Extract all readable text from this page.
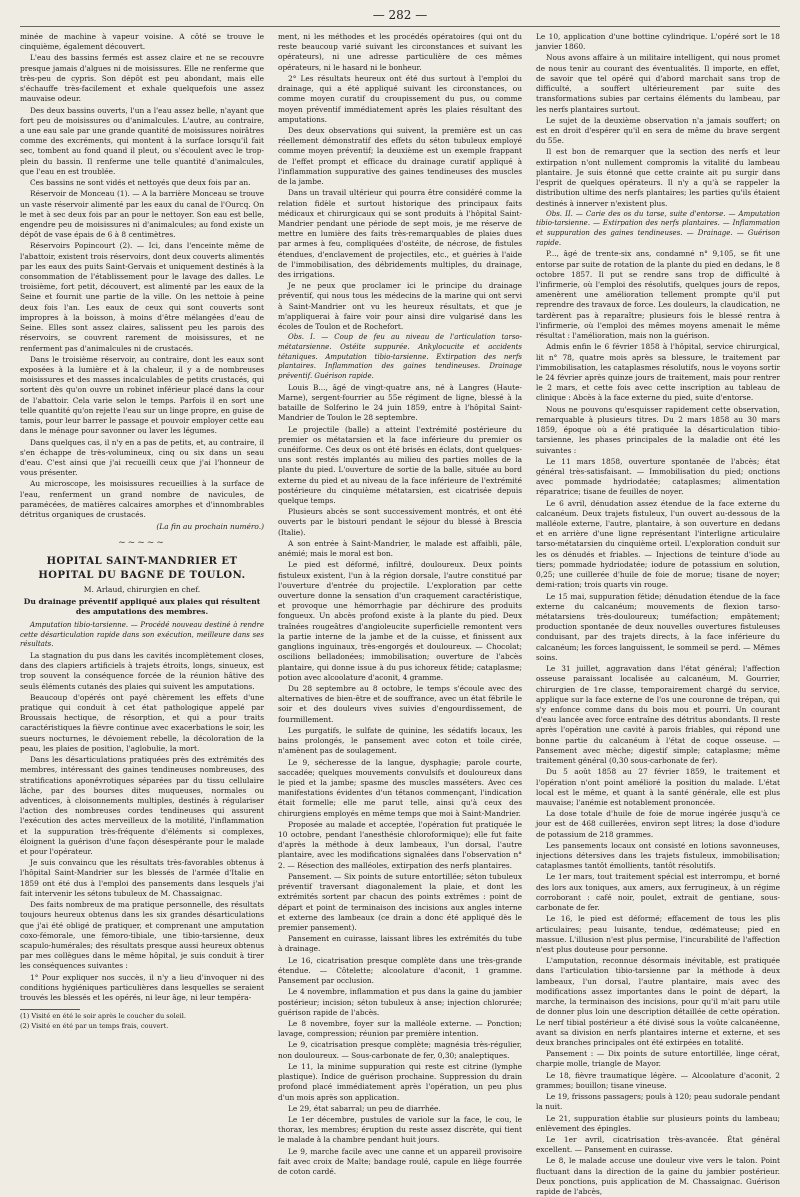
— 282 —

minée de machine à vapeur voisine. A côté se trouve le cinquième, également découvert.

L'eau des bassins fermés est assez claire et ne se recouvre presque jamais d'algues ni de moisissures. Elle ne renferme que très-peu de cypris. Son dépôt est peu abondant, mais elle s'échauffe très-facilement et exhale quelquefois une assez mauvaise odeur.

Des deux bassins ouverts, l'un a l'eau assez belle, n'ayant que fort peu de moisissures ou d'animalcules. L'autre, au contraire, a une eau sale par une grande quantité de moisissures noirâtres comme des excréments, qui montent à la surface lorsqu'il fait sec, tombent au fond quand il pleut, ou s'écoulent avec le trop-plein du bassin. Il renferme une telle quantité d'animalcules, que l'eau en est troublée.

Ces bassins ne sont vidés et nettoyés que deux fois par an.

Réservoir de Monceau (1). — A la barrière Monceau se trouve un vaste réservoir alimenté par les eaux du canal de l'Ourcq. On le met à sec deux fois par an pour le nettoyer. Son eau est belle, engendre peu de moisissures ni d'animalcules; au fond existe un dépôt de vase épais de 6 à 8 centimètres.

Réservoirs Popincourt (2). — Ici, dans l'enceinte même de l'abattoir, existent trois réservoirs, dont deux couverts alimentés par les eaux des puits Saint-Gervais et uniquement destinés à la consommation de l'établissement pour le lavage des dalles. Le troisième, fort petit, découvert, est alimenté par les eaux de la Seine et fournit une partie de la ville. On les nettoie à peine deux fois l'an. Les eaux de ceux qui sont couverts sont impropres à la boisson, à moins d'être mélangées d'eau de Seine. Elles sont assez claires, salissent peu les parois des réservoirs, se couvrent rarement de moisissures, et ne renferment pas d'animalcules ni de crustacés.

Dans le troisième réservoir, au contraire, dont les eaux sont exposées à la lumière et à la chaleur, il y a de nombreuses moisissures et des masses incalculables de petits crustacés, qui sortent dès qu'on ouvre un robinet inférieur placé dans la cour de l'abattoir. Cela varie selon le temps. Parfois il en sort une telle quantité qu'on rejette l'eau sur un linge propre, en guise de tamis, pour leur barrer le passage et pouvoir employer cette eau dans le ménage pour savonner ou laver les légumes.

Dans quelques cas, il n'y en a pas de petits, et, au contraire, il s'en échappe de très-volumineux, cinq ou six dans un seau d'eau. C'est ainsi que j'ai recueilli ceux que j'ai l'honneur de vous présenter.

Au microscope, les moisissures recueillies à la surface de l'eau, renferment un grand nombre de navicules, de paramécées, de matières calcaires amorphes et d'innombrables détritus organiques de crustacés.

(La fin au prochain numéro.)
~~~~~
HOPITAL SAINT-MANDRIER ET HOPITAL DU BAGNE DE TOULON.
M. Arlaud, chirurgien en chef.
Du drainage préventif appliqué aux plaies qui résultent des amputations des membres.

Amputation tibio-tarsienne. — Procédé nouveau destiné à rendre cette désarticulation rapide dans son exécution, meilleure dans ses résultats.

La stagnation du pus dans les cavités incomplètement closes, dans des clapiers artificiels à trajets étroits, longs, sinueux, est trop souvent la conséquence forcée de la réunion hâtive des seuls éléments cutanés des plaies qui suivent les amputations.

Beaucoup d'opérés ont payé chèrement les effets d'une pratique qui conduit à cet état pathologique appelé par Broussais hectique, de résorption, et qui a pour traits caractéristiques la fièvre continue avec exacerbations le soir, les sueurs nocturnes, le dévoiement rebelle, la décoloration de la peau, les plaies de position, l'aglobulie, la mort.

Dans les désarticulations pratiquées près des extrémités des membres, intéressant des gaines tendineuses nombreuses, des stratifications aponévrotiques séparées par du tissu cellulaire lâche, par des bourses dites muqueuses, normales ou adventices, à cloisonnements multiples, destinés à régulariser l'action des nombreuses cordes tendineuses qui assurent l'exécution des actes merveilleux de la motilité, l'inflammation et la suppuration très-fréquente d'éléments si complexes, éloignent la guérison d'une façon désespérante pour le malade et pour l'opérateur.

Je suis convaincu que les résultats très-favorables obtenus à l'hôpital Saint-Mandrier sur les blessés de l'armée d'Italie en 1859 ont été dus à l'emploi des pansements dans lesquels j'ai fait intervenir les sétons tubuleux de M. Chassaignac.

Des faits nombreux de ma pratique personnelle, des résultats toujours heureux obtenus dans les six grandes désarticulations que j'ai été obligé de pratiquer, et comprenant une amputation coxo-fémorale, une fémoro-tibiale, une tibio-tarsienne, deux scapulo-humérales; des résultats presque aussi heureux obtenus par mes collègues dans le même hôpital, je suis conduit à tirer les conséquences suivantes :

1° Pour expliquer nos succès, il n'y a lieu d'invoquer ni des conditions hygiéniques particulières dans lesquelles se seraient trouvés les blessés et les opérés, ni leur âge, ni leur tempéra-

(1) Visité en été le soir après le coucher du soleil.

(2) Visité en été par un temps frais, couvert.

ment, ni les méthodes et les procédés opératoires (qui ont du reste beaucoup varié suivant les circonstances et suivant les opérateurs), ni une adresse particulière de ces mêmes opérateurs, ni le hasard ni le bonheur.

2° Les résultats heureux ont été dus surtout à l'emploi du drainage, qui a été appliqué suivant les circonstances, ou comme moyen curatif du croupissement du pus, ou comme moyen préventif immédiatement après les plaies résultant des amputations.

Des deux observations qui suivent, la première est un cas réellement démonstratif des effets du séton tubuleux employé comme moyen préventif; la deuxième est un exemple frappant de l'effet prompt et efficace du drainage curatif appliqué à l'inflammation suppurative des gaines tendineuses des muscles de la jambe.

Dans un travail ultérieur qui pourra être considéré comme la relation fidèle et surtout historique des principaux faits médicaux et chirurgicaux qui se sont produits à l'hôpital Saint-Mandrier pendant une période de sept mois, je me réserve de mettre en lumière des faits très-remarquables de plaies dues par armes à feu, compliquées d'ostéite, de nécrose, de fistules étendues, d'enclavement de projectiles, etc., et guéries à l'aide de l'immobilisation, des débridements multiples, du drainage, des irrigations.

Je ne peux que proclamer ici le principe du drainage préventif, qui nous tous les médecins de la marine qui ont servi à Saint-Mandrier ont vu les heureux résultats, et que je m'appliquerai à faire voir pour ainsi dire vulgarisé dans les écoles de Toulon et de Rochefort.

Obs. I. — Coup de feu au niveau de l'articulation tarso-métatarsienne. Ostéite suppurée. Ankylocucite et accidents tétaniques. Amputation tibio-tarsienne. Extirpation des nerfs plantaires. Inflammation des gaines tendineuses. Drainage préventif. Guérison rapide.

Louis B..., âgé de vingt-quatre ans, né à Langres (Haute-Marne), sergent-fourrier au 55e régiment de ligne, blessé à la bataille de Solferino le 24 juin 1859, entre à l'hôpital Saint-Mandrier de Toulon le 28 septembre.

Le projectile (balle) a atteint l'extrémité postérieure du premier os métatarsien et la face inférieure du premier os cunéiforme. Ces deux os ont été brisés en éclats, dont quelques-uns sont restés implantés au milieu des parties molles de la plante du pied. L'ouverture de sortie de la balle, située au bord externe du pied et au niveau de la face inférieure de l'extrémité postérieure du cinquième métatarsien, est cicatrisée depuis quelque temps.

Plusieurs abcès se sont successivement montrés, et ont été ouverts par le bistouri pendant le séjour du blessé à Brescia (Italie).

A son entrée à Saint-Mandrier, le malade est affaibli, pâle, anémié; mais le moral est bon.

Le pied est déformé, infiltré, douloureux. Deux points fistuleux existent, l'un à la région dorsale, l'autre constitué par l'ouverture d'entrée du projectile. L'exploration par cette ouverture donne la sensation d'un craquement caractéristique, et provoque une hémorrhagie par déchirure des produits fongueux. Un abcès profond existe à la plante du pied. Deux traînées rougeâtres d'angioleucite superficielle remontent vers la partie interne de la jambe et de la cuisse, et finissent aux ganglions inguinaux, très-engorgés et douloureux. — Chocolat; oscilions belladonées; immobilisation; ouverture de l'abcès plantaire, qui donne issue à du pus ichoreux fétide; cataplasme; potion avec alcoolature d'aconit, 4 gramme.

Du 28 septembre au 8 octobre, le temps s'écoule avec des alternatives de bien-être et de souffrance, avec un état fébrile le soir et des douleurs vives suivies d'engourdissement, de fourmillement.

Les purgatifs, le sulfate de quinine, les sédatifs locaux, les bains prolongés, le pansement avec coton et toile cirée, n'amènent pas de soulagement.

Le 9, sécheresse de la langue, dysphagie; parole courte, saccadée; quelques mouvements convulsifs et douloureux dans le pied et la jambe; spasme des muscles masséters. Avec ces manifestations évidentes d'un tétanos commençant, l'indication était formelle; elle me parut telle, ainsi qu'à ceux des chirurgiens employés en même temps que moi à Saint-Mandrier.

Proposée au malade et acceptée, l'opération fut pratiquée le 10 octobre, pendant l'anesthésie chloroformique); elle fut faite d'après la méthode à deux lambeaux, l'un dorsal, l'autre plantaire, avec les modifications signalées dans l'observation n° 2. — Résection des malléoles, extirpation des nerfs plantaires.

Pansement. — Six points de suture entortillée; séton tubuleux préventif traversant diagonalement la plaie, et dont les extrémités sortent par chacun des points extrêmes : point de départ et point de terminaison des incisions aux angles interne et externe des lambeaux (ce drain a donc été appliqué dès le premier pansement).

Pansement en cuirasse, laissant libres les extrémités du tube à drainage.

Le 16, cicatrisation presque complète dans une très-grande étendue. — Côtelette; alcoolature d'aconit, 1 gramme. Pansement par occlusion.

Le 4 novembre, inflammation et pus dans la gaine du jambier postérieur; incision; séton tubuleux à anse; injection chlorurée; guérison rapide de l'abcès.

Le 8 novembre, foyer sur la malléole externe. — Ponction; lavage, compression; réunion par première intention.

Le 9, cicatrisation presque complète; magnésia très-régulier, non douloureux. — Sous-carbonate de fer, 0,30; analeptiques.

Le 11, la minime suppuration qui reste est citrine (lymphe plastique). Indice de guérison prochaine. Suppression du drain profond placé immédiatement après l'opération, un peu plus d'un mois après son application.

Le 29, état sabarral; un peu de diarrhée.

Le 1er décembre, pustules de variole sur la face, le cou, le thorax, les membres; éruption du reste assez discrète, qui tient le malade à la chambre pendant huit jours.

Le 9, marche facile avec une canne et un appareil provisoire fait avec croix de Malte; bandage roulé, capule en liège fourrée de coton cardé.

Le 10, application d'une bottine cylindrique. L'opéré sort le 18 janvier 1860.

Nous avons affaire à un militaire intelligent, qui nous promet de nous tenir au courant des éventualités. Il importe, en effet, de savoir que tel opéré qui d'abord marchait sans trop de difficulté, a souffert ultérieurement par suite des transformations subies par certains éléments du lambeau, par les nerfs plantaires surtout.

Le sujet de la deuxième observation n'a jamais souffert; on est en droit d'espérer qu'il en sera de même du brave sergent du 55e.

Il est bon de remarquer que la section des nerfs et leur extirpation n'ont nullement compromis la vitalité du lambeau plantaire. Je suis étonné que cette crainte ait pu surgir dans l'esprit de quelques opérateurs. Il n'y a qu'à se rappeler la distribution ultime des nerfs plantaires; les parties qu'ils étaient destinés à innerver n'existent plus.

Obs. II. — Carie des os du tarse, suite d'entorse. — Amputation tibio-tarsienne. — Extirpation des nerfs plantaires. — Inflammation et suppuration des gaines tendineuses. — Drainage. — Guérison rapide.

P..., âgé de trente-six ans, condamné n° 9,105, se fit une entorse par suite de rotation de la plante du pied en dedans, le 8 octobre 1857. Il put se rendre sans trop de difficulté à l'infirmerie, où l'emploi des résolutifs, quelques jours de repos, amenèrent une amélioration tellement prompte qu'il put reprendre des travaux de force. Les douleurs, la claudication, ne tardèrent pas à reparaître; plusieurs fois le blessé rentra à l'infirmerie, où l'emploi des mêmes moyens amenait le même résultat : l'amélioration, mais non la guérison.

Admis enfin le 6 février 1858 à l'hôpital, service chirurgical, lit n° 78, quatre mois après sa blessure, le traitement par l'immobilisation, les cataplasmes résolutifs, nous le voyons sortir le 24 février après quinze jours de traitement, mais pour rentrer le 2 mars, et cette fois avec cette inscription au tableau de clinique : Abcès à la face externe du pied, suite d'entorse.

Nous ne pouvons qu'esquisser rapidement cette observation, remarquable à plusieurs titres. Du 2 mars 1858 au 30 mars 1859, époque où a été pratiquée la désarticulation tibio-tarsienne, les phases principales de la maladie ont été les suivantes :

Le 11 mars 1858, ouverture spontanée de l'abcès; état général très-satisfaisant. — Immobilisation du pied; onctions avec pommade hydriodatée; cataplasmes; alimentation réparatrice; tisane de feuilles de noyer.

Le 6 avril, dénudation assez étendue de la face externe du calcanéum. Deux trajets fistuleux, l'un ouvert au-dessous de la malléole externe, l'autre, plantaire, à son ouverture en dedans et en arrière d'une ligne représentant l'interligne articulaire tarso-métatarsien du cinquième orteil. L'exploration conduit sur les os dénudés et friables. — Injections de teinture d'iode au tiers; pommade hydriodatée; iodure de potassium en solution, 0,25; une cuillerée d'huile de foie de morue; tisane de noyer; demi-ration; trois quarts vin rouge.

Le 15 mai, suppuration fétide; dénudation étendue de la face externe du calcanéum; mouvements de flexion tarso-métatarsiens très-douloureux; tuméfaction; empâtement; production spontanée de deux nouvelles ouvertures fistuleuses conduisant, par des trajets directs, à la face inférieure du calcanéum; les forces languissent, le sommeil se perd. — Mêmes soins.

Le 31 juillet, aggravation dans l'état général; l'affection osseuse paraissant localisée au calcanéum, M. Gourrier, chirurgien de 1re classe, temporairement chargé du service, applique sur la face externe de l'os une couronne de trépan, qui s'y enfonce comme dans du bois mou et pourri. Un courant d'eau lancée avec force entraîne des détritus abondants. Il reste après l'opération une cavité à parois friables, qui répond une bonne partie du calcanéum à l'état de coque osseuse. — Pansement avec mèche; digestif simple; cataplasme; même traitement général (0,30 sous-carbonate de fer).

Du 5 août 1858 au 27 février 1859, le traitement et l'opération n'ont point amélioré la position du malade. L'état local est le même, et quant à la santé générale, elle est plus mauvaise; l'anémie est notablement prononcée.

La dose totale d'huile de foie de morue ingérée jusqu'à ce jour est de 468 cuillerées, environ sept litres; la dose d'iodure de potassium de 218 grammes.

Les pansements locaux ont consisté en lotions savonneuses, injections détersives dans les trajets fistuleux, immobilisation; cataplasmes tantôt émollients, tantôt résolutifs.

Le 1er mars, tout traitement spécial est interrompu, et borné des lors aux toniques, aux amers, aux ferrugineux, à un régime corroborant : café noir, poulet, extrait de gentiane, sous-carbonate de fer.

Le 16, le pied est déformé; effacement de tous les plis articulaires; peau luisante, tendue, œdémateuse; pied en massue. L'illusion n'est plus permise, l'incurabilité de l'affection n'est plus douteuse pour personne.

L'amputation, reconnue désormais inévitable, est pratiquée dans l'articulation tibio-tarsienne par la méthode à deux lambeaux, l'un dorsal, l'autre plantaire, mais avec des modifications assez importantes dans le point de départ, la marche, la terminaison des incisions, pour qu'il m'ait paru utile de donner plus loin une description détaillée de cette opération. Le nerf tibial postérieur a été divisé sous la voûte calcanéenne, avant sa division en nerfs plantaires interne et externe, et ses deux branches principales ont été extirpées en totalité.

Pansement : — Dix points de suture entortillée, linge cérat, charpie molle, triangle de Mayor.

Le 18, fièvre traumatique légère. — Alcoolature d'aconit, 2 grammes; bouillon; tisane vineuse.

Le 19, frissons passagers; pouls à 120; peau sudorale pendant la nuit.

Le 21, suppuration établie sur plusieurs points du lambeau; enlèvement des épingles.

Le 1er avril, cicatrisation très-avancée. État général excellent. — Pansement en cuirasse.

Le 8, le malade accuse une douleur vive vers le talon. Point fluctuant dans la direction de la gaine du jambier postérieur. Deux ponctions, puis application de M. Chassaignac. Guérison rapide de l'abcès,
